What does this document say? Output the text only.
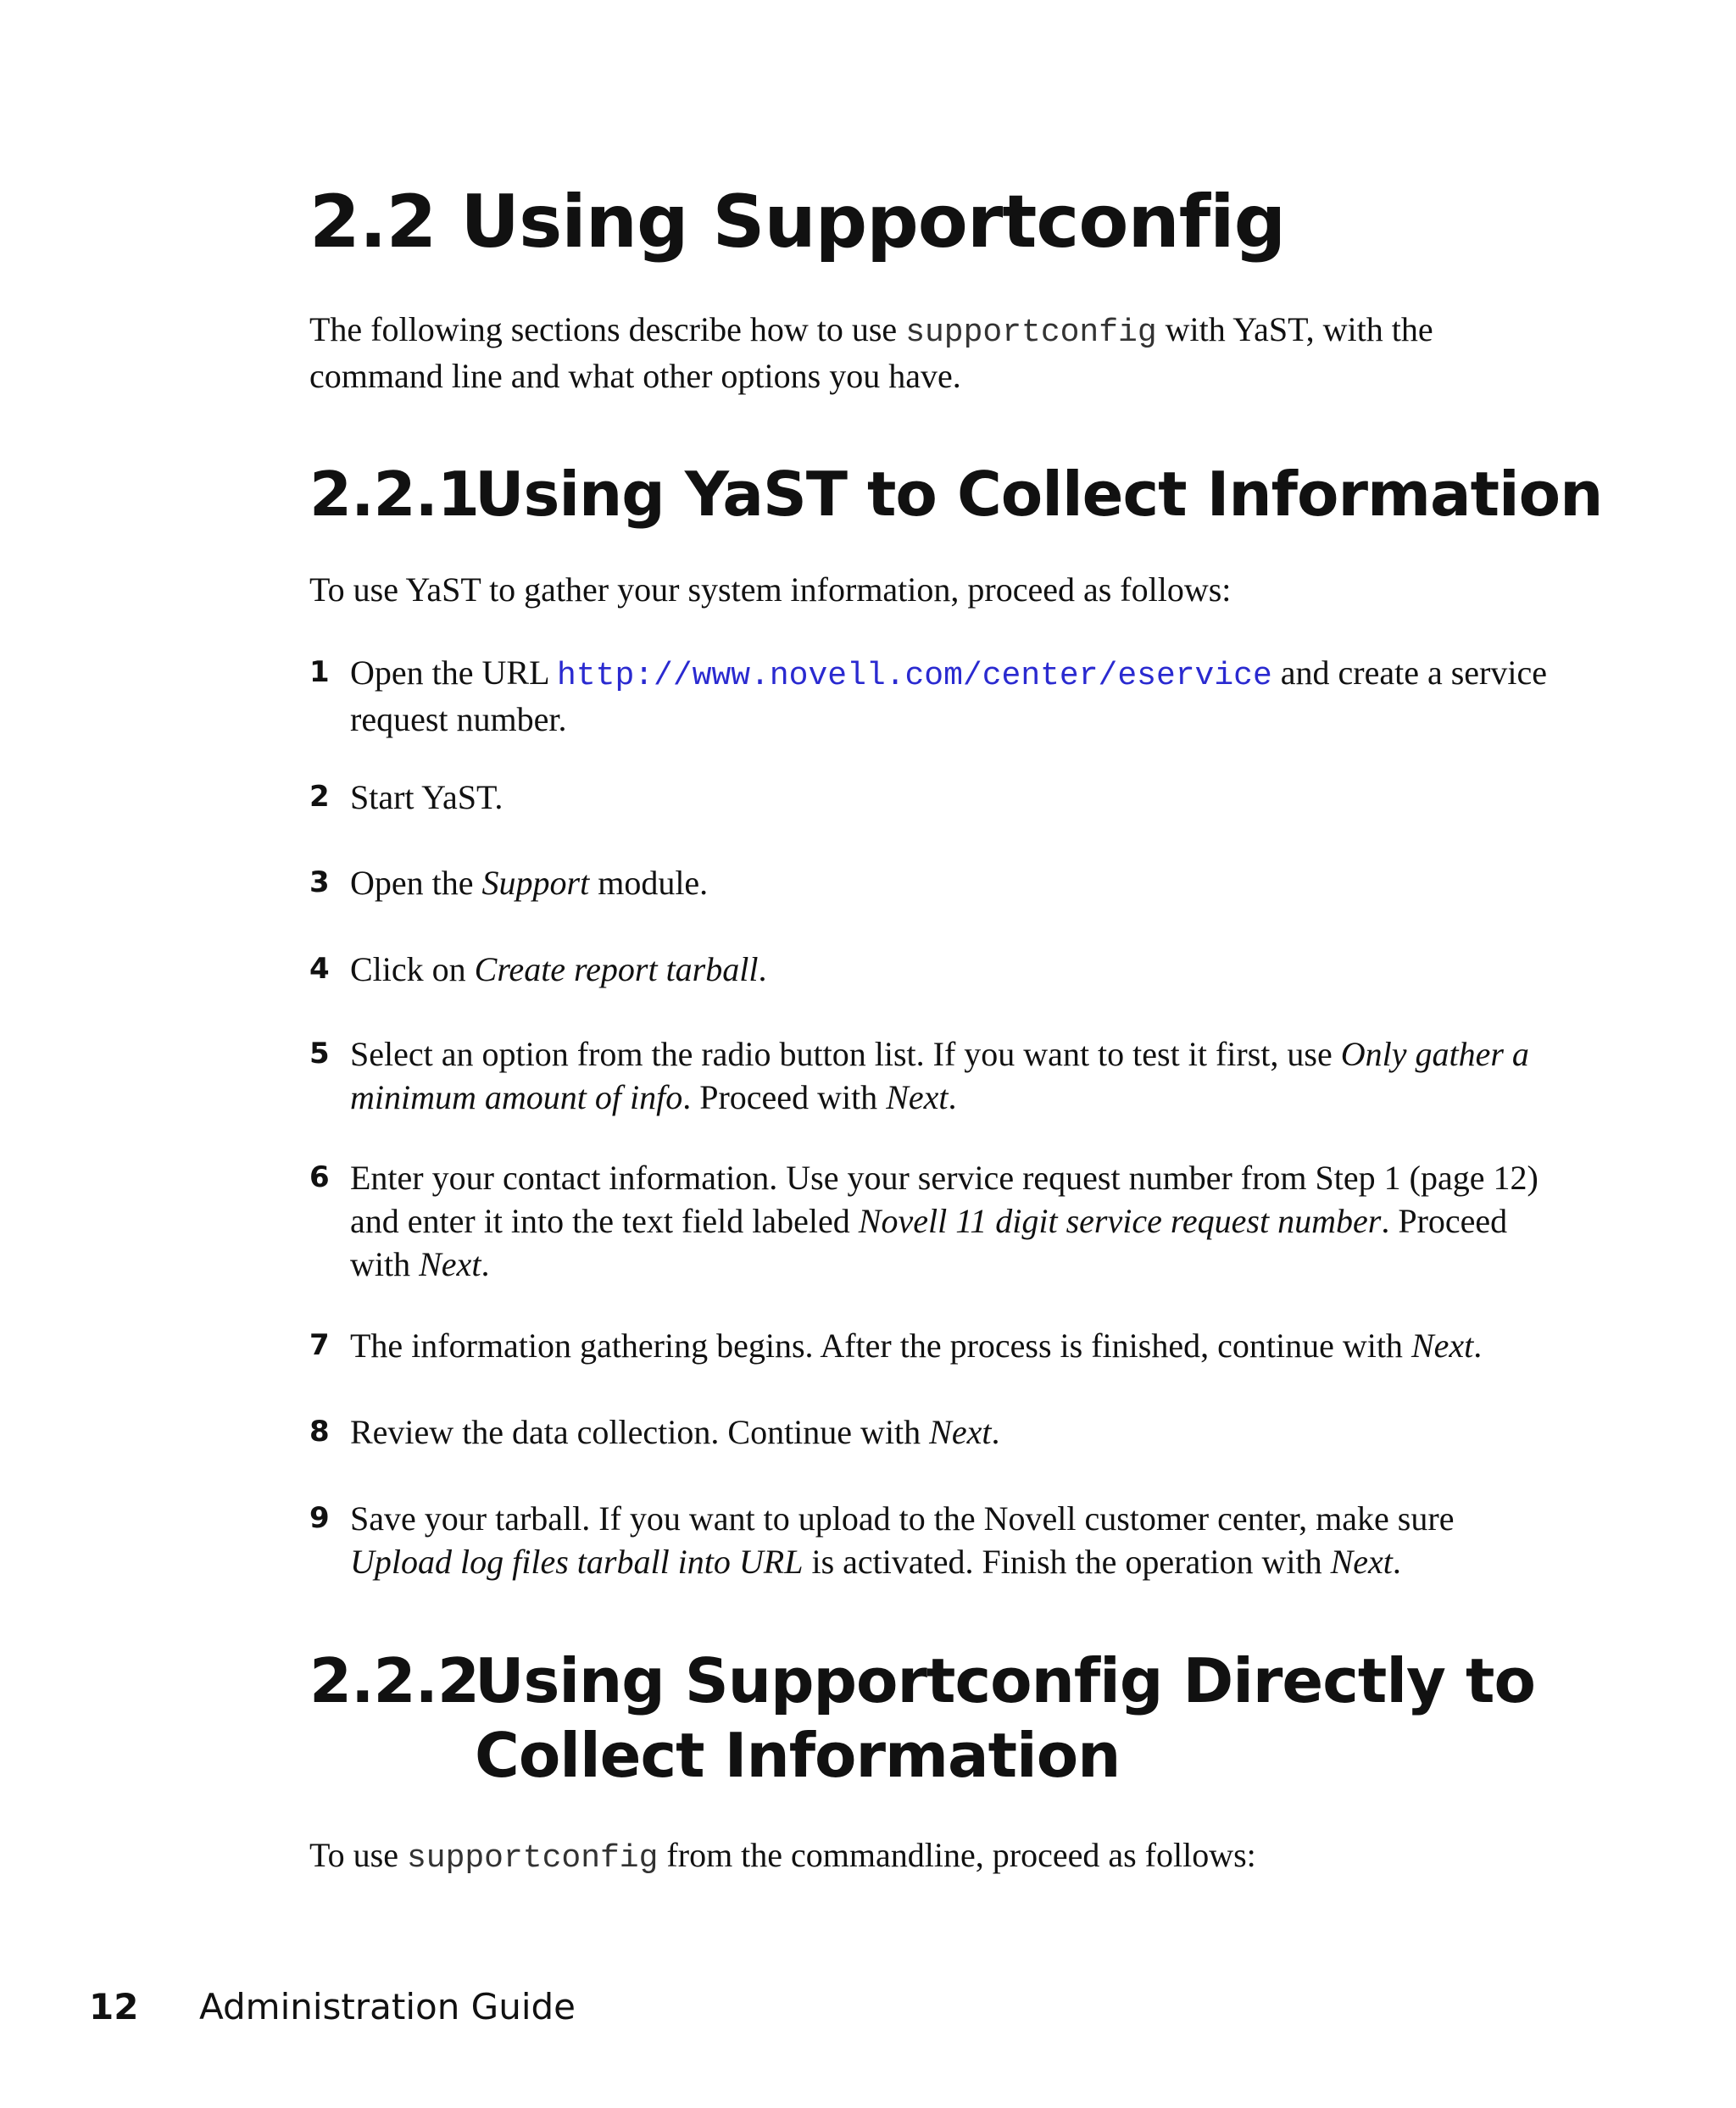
2.2 Using Supportconfig

The following sections describe how to use supportconfig with YaST, with the command line and what other options you have.

2.2.1Using YaST to Collect Information

To use YaST to gather your system information, proceed as follows:

1 Open the URL http://www.novell.com/center/eservice and create a service request number.
2 Start YaST.
3 Open the Support module.
4 Click on Create report tarball.
5 Select an option from the radio button list. If you want to test it first, use Only gather a minimum amount of info. Proceed with Next.
6 Enter your contact information. Use your service request number from Step 1 (page 12) and enter it into the text field labeled Novell 11 digit service request number. Proceed with Next.
7 The information gathering begins. After the process is finished, continue with Next.
8 Review the data collection. Continue with Next.
9 Save your tarball. If you want to upload to the Novell customer center, make sure Upload log files tarball into URL is activated. Finish the operation with Next.
2.2.2Using Supportconfig Directly to
Collect Information

To use supportconfig from the commandline, proceed as follows:

12 Administration Guide
